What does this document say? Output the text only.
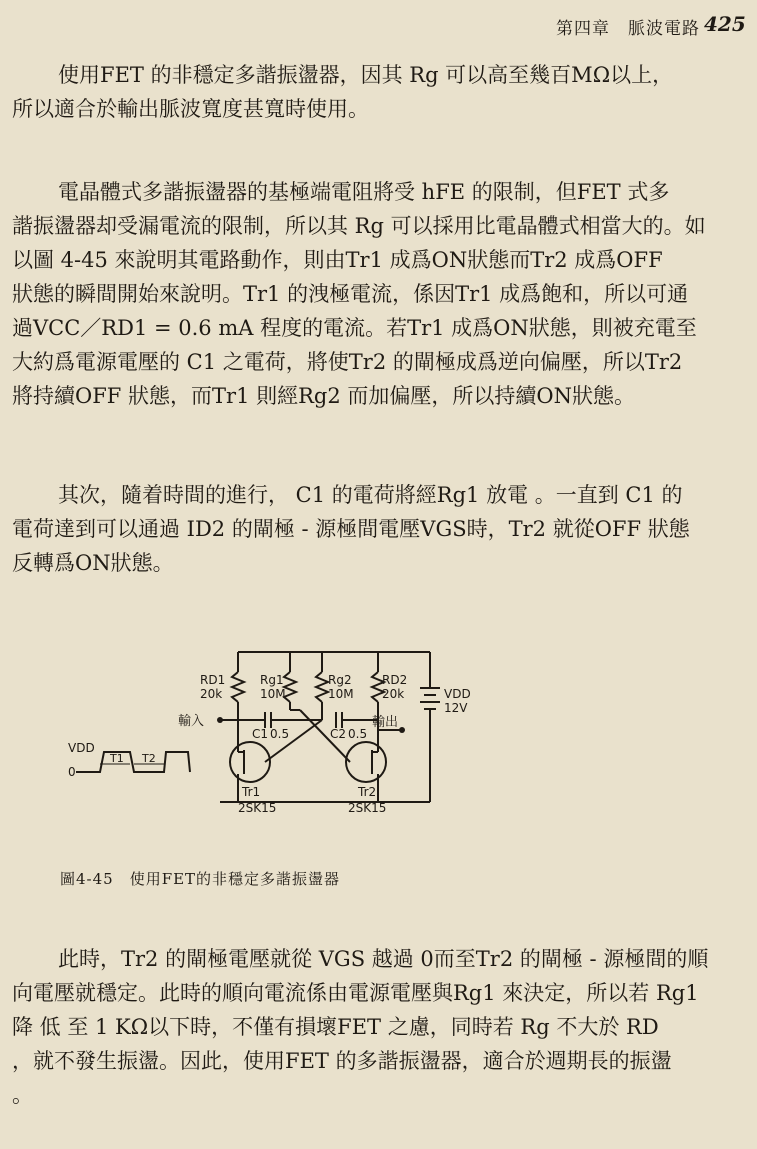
第四章　脈波電路 425
使用FET 的非穩定多諧振盪器，因其 Rg 可以高至幾百MΩ以上，
所以適合於輸出脈波寬度甚寬時使用。
電晶體式多諧振盪器的基極端電阻將受 hFE 的限制，但FET 式多
諧振盪器却受漏電流的限制，所以其 Rg 可以採用比電晶體式相當大的。如
以圖 4-45 來說明其電路動作，則由Tr1 成爲ON狀態而Tr2 成爲OFF
狀態的瞬間開始來說明。Tr1 的洩極電流，係因Tr1 成爲飽和，所以可通
過VCC／RD1 = 0.6 mA 程度的電流。若Tr1 成爲ON狀態，則被充電至
大約爲電源電壓的 C1 之電荷，將使Tr2 的閘極成爲逆向偏壓，所以Tr2
將持續OFF 狀態，而Tr1 則經Rg2 而加偏壓，所以持續ON狀態。
其次，隨着時間的進行， C1 的電荷將經Rg1 放電 。一直到 C1 的
電荷達到可以通過 ID2 的閘極 - 源極間電壓VGS時，Tr2 就從OFF 狀態
反轉爲ON狀態。
RD1
20k
Rg1
10M
Rg2
10M
RD2
20k
輸入	輸出
C1 0.5	C2 0.5
VDD
12V
Tr1
2SK15
Tr2
2SK15
VDD
0
T1 T2
圖4-45　使用FET的非穩定多諧振盪器
此時，Tr2 的閘極電壓就從 VGS 越過 0而至Tr2 的閘極 - 源極間的順
向電壓就穩定。此時的順向電流係由電源電壓與Rg1 來決定，所以若 Rg1
降 低 至 1 KΩ以下時，不僅有損壞FET 之慮，同時若 Rg 不大於 RD
，就不發生振盪。因此，使用FET 的多諧振盪器，適合於週期長的振盪
。
